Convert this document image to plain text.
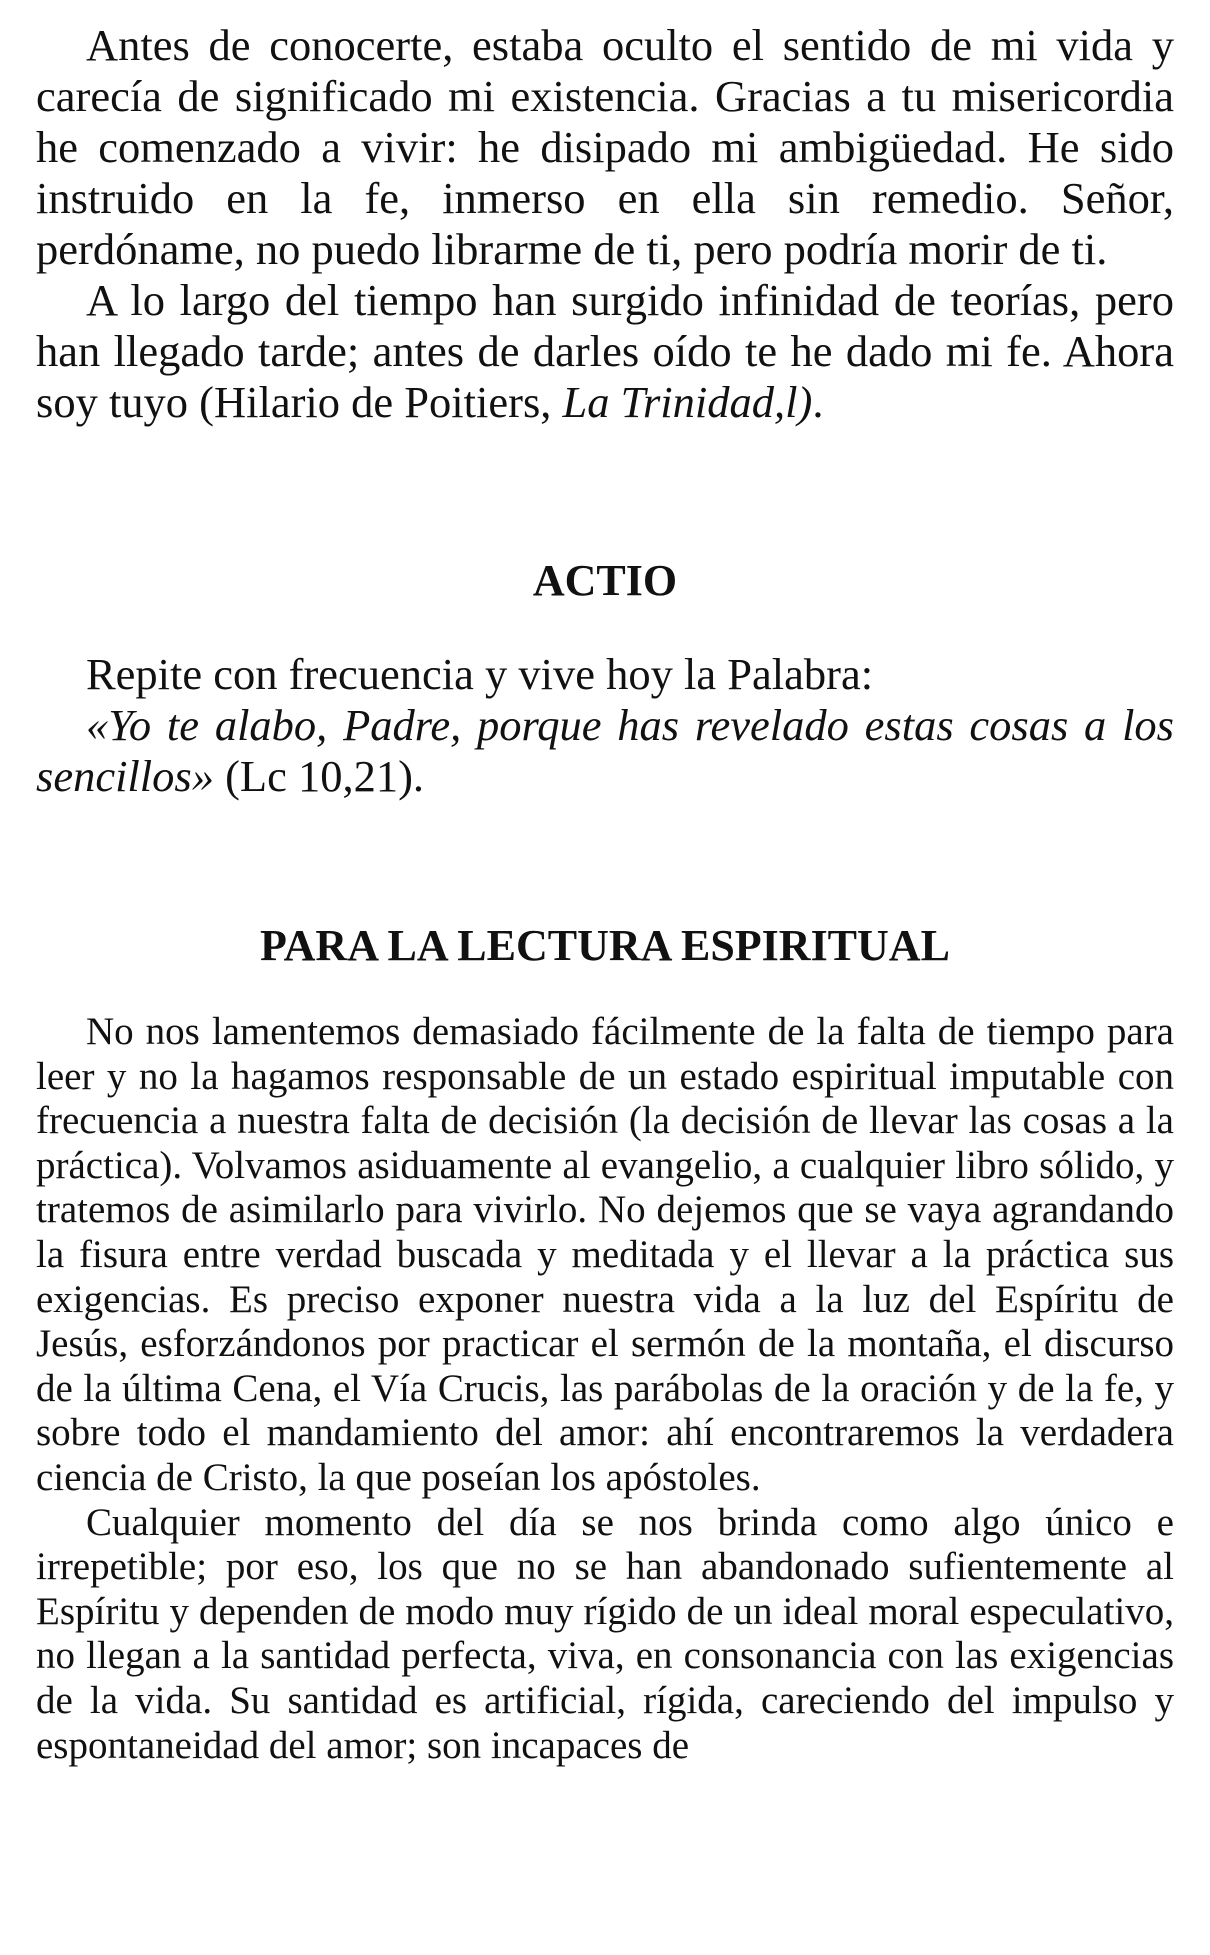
Antes de conocerte, estaba oculto el sentido de mi vida y carecía de significado mi existencia. Gracias a tu misericordia he comenzado a vivir: he disipado mi ambigüedad. He sido instruido en la fe, inmerso en ella sin remedio. Señor, perdóname, no puedo librarme de ti, pero podría morir de ti.

A lo largo del tiempo han surgido infinidad de teorías, pero han llegado tarde; antes de darles oído te he dado mi fe. Ahora soy tuyo (Hilario de Poitiers, La Trinidad,l).

ACTIO

Repite con frecuencia y vive hoy la Palabra:

«Yo te alabo, Padre, porque has revelado estas cosas a los sencillos» (Lc 10,21).

PARA LA LECTURA ESPIRITUAL

No nos lamentemos demasiado fácilmente de la falta de tiempo para leer y no la hagamos responsable de un estado espiritual imputable con frecuencia a nuestra falta de decisión (la decisión de llevar las cosas a la práctica). Volvamos asiduamente al evangelio, a cualquier libro sólido, y tratemos de asimilarlo para vivirlo. No dejemos que se vaya agrandando la fisura entre verdad buscada y meditada y el llevar a la práctica sus exigencias. Es preciso exponer nuestra vida a la luz del Espíritu de Jesús, esforzándonos por practicar el sermón de la montaña, el discurso de la última Cena, el Vía Crucis, las parábolas de la oración y de la fe, y sobre todo el mandamiento del amor: ahí encontraremos la verdadera ciencia de Cristo, la que poseían los apóstoles.

Cualquier momento del día se nos brinda como algo único e irrepetible; por eso, los que no se han abandonado sufientemente al Espíritu y dependen de modo muy rígido de un ideal moral especulativo, no llegan a la santidad perfecta, viva, en consonancia con las exigencias de la vida. Su santidad es artificial, rígida, careciendo del impulso y espontaneidad del amor; son incapaces de
